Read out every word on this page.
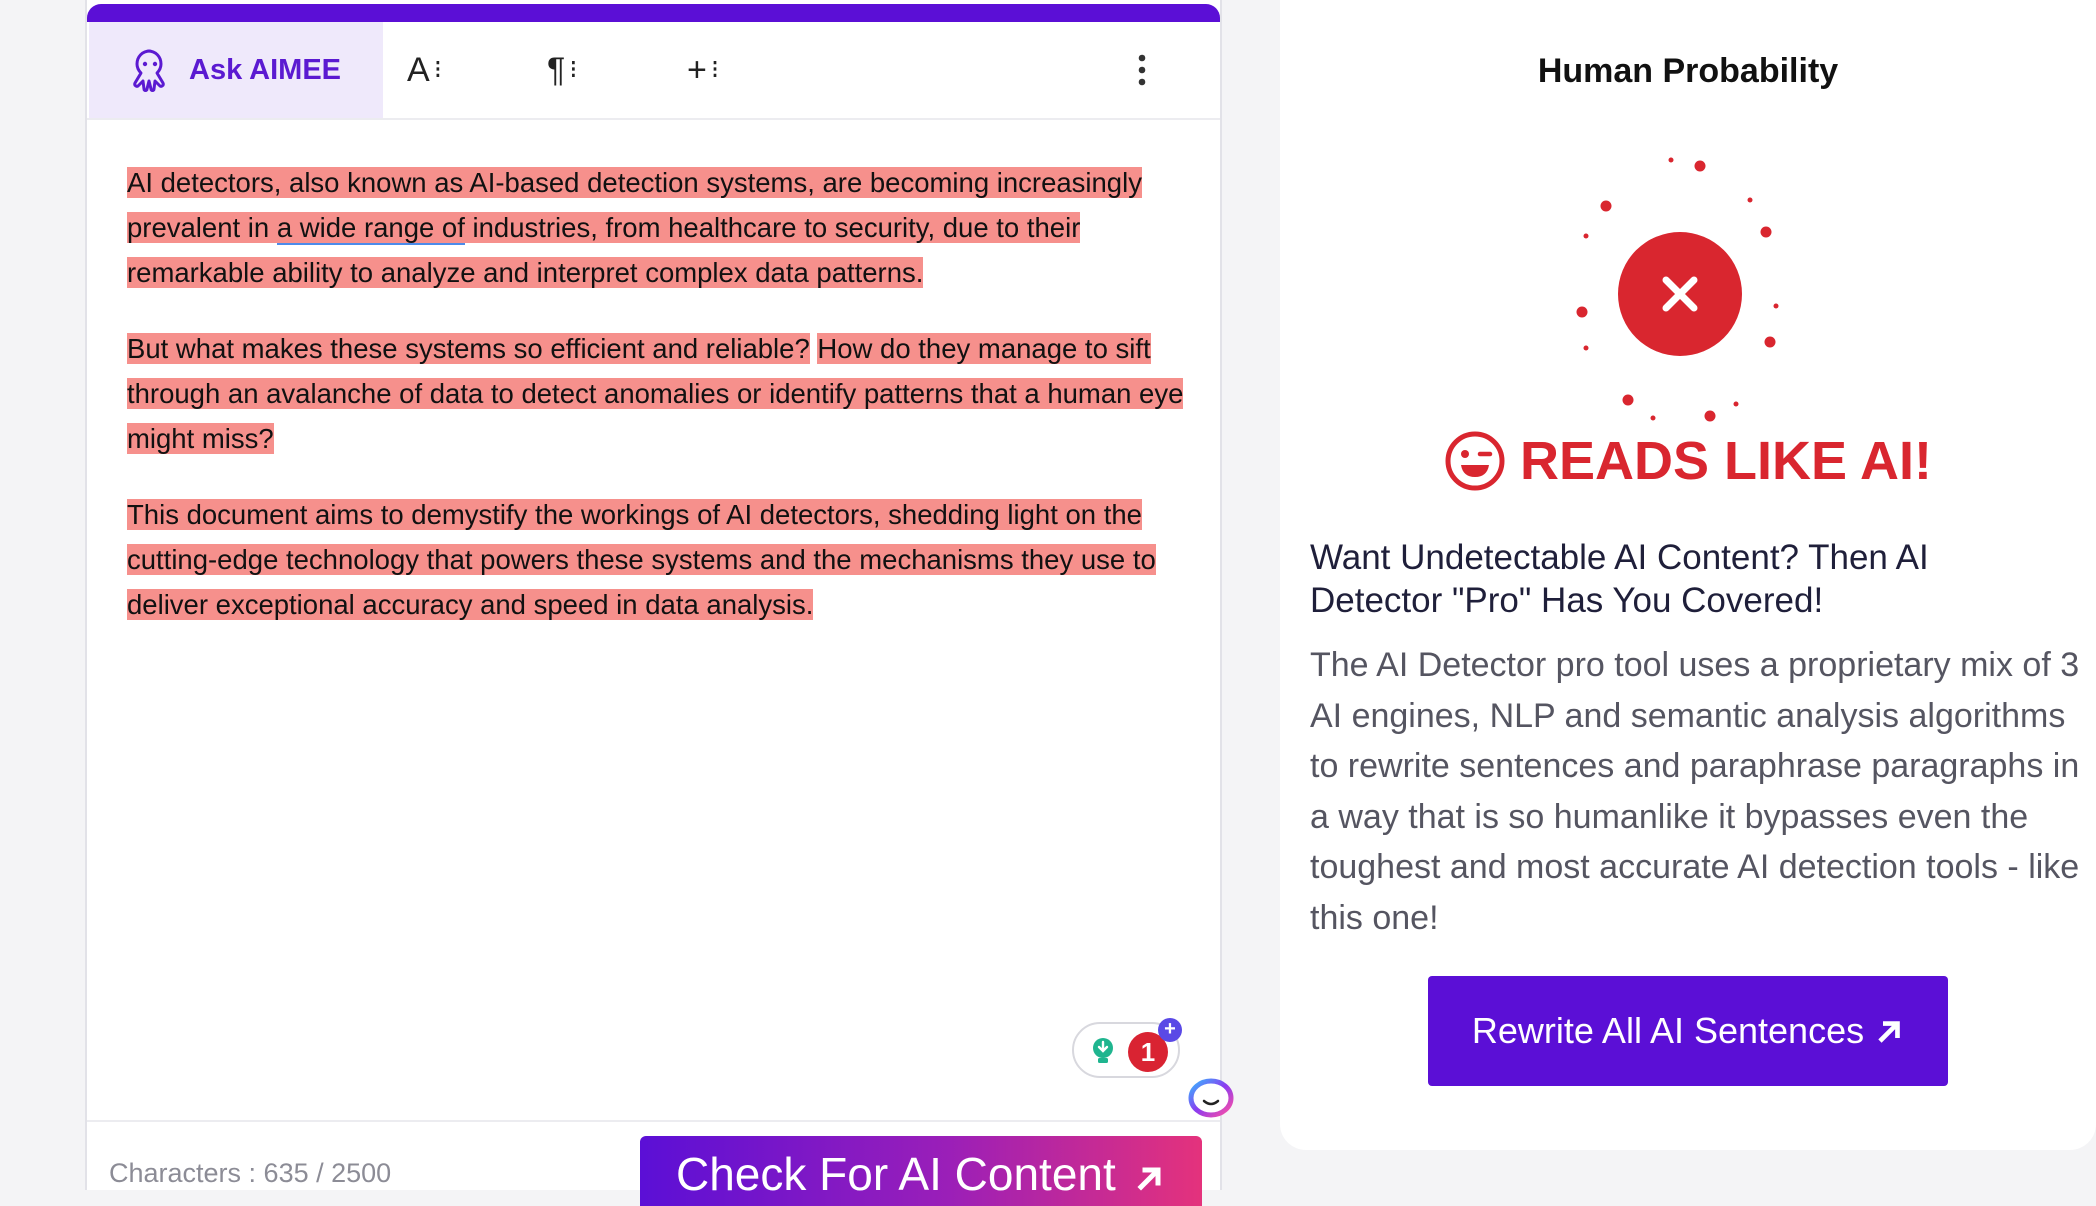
Ask AIMEE A ⁝	¶ ⁝	+ ⁝

AI detectors, also known as AI-based detection systems, are becoming increasingly prevalent in a wide range of industries, from healthcare to security, due to their remarkable ability to analyze and interpret complex data patterns.

But what makes these systems so efficient and reliable? How do they manage to sift through an avalanche of data to detect anomalies or identify patterns that a human eye might miss?

This document aims to demystify the workings of AI detectors, shedding light on the cutting-edge technology that powers these systems and the mechanisms they use to deliver exceptional accuracy and speed in data analysis.

1
+
Characters : 635 / 2500	Check For AI Content
Human Probability
READS LIKE AI!
Want Undetectable AI Content? Then AI Detector "Pro" Has You Covered!
The AI Detector pro tool uses a proprietary mix of 3 AI engines, NLP and semantic analysis algorithms to rewrite sentences and paraphrase paragraphs in a way that is so humanlike it bypasses even the toughest and most accurate AI detection tools - like this one!
Rewrite All AI Sentences
